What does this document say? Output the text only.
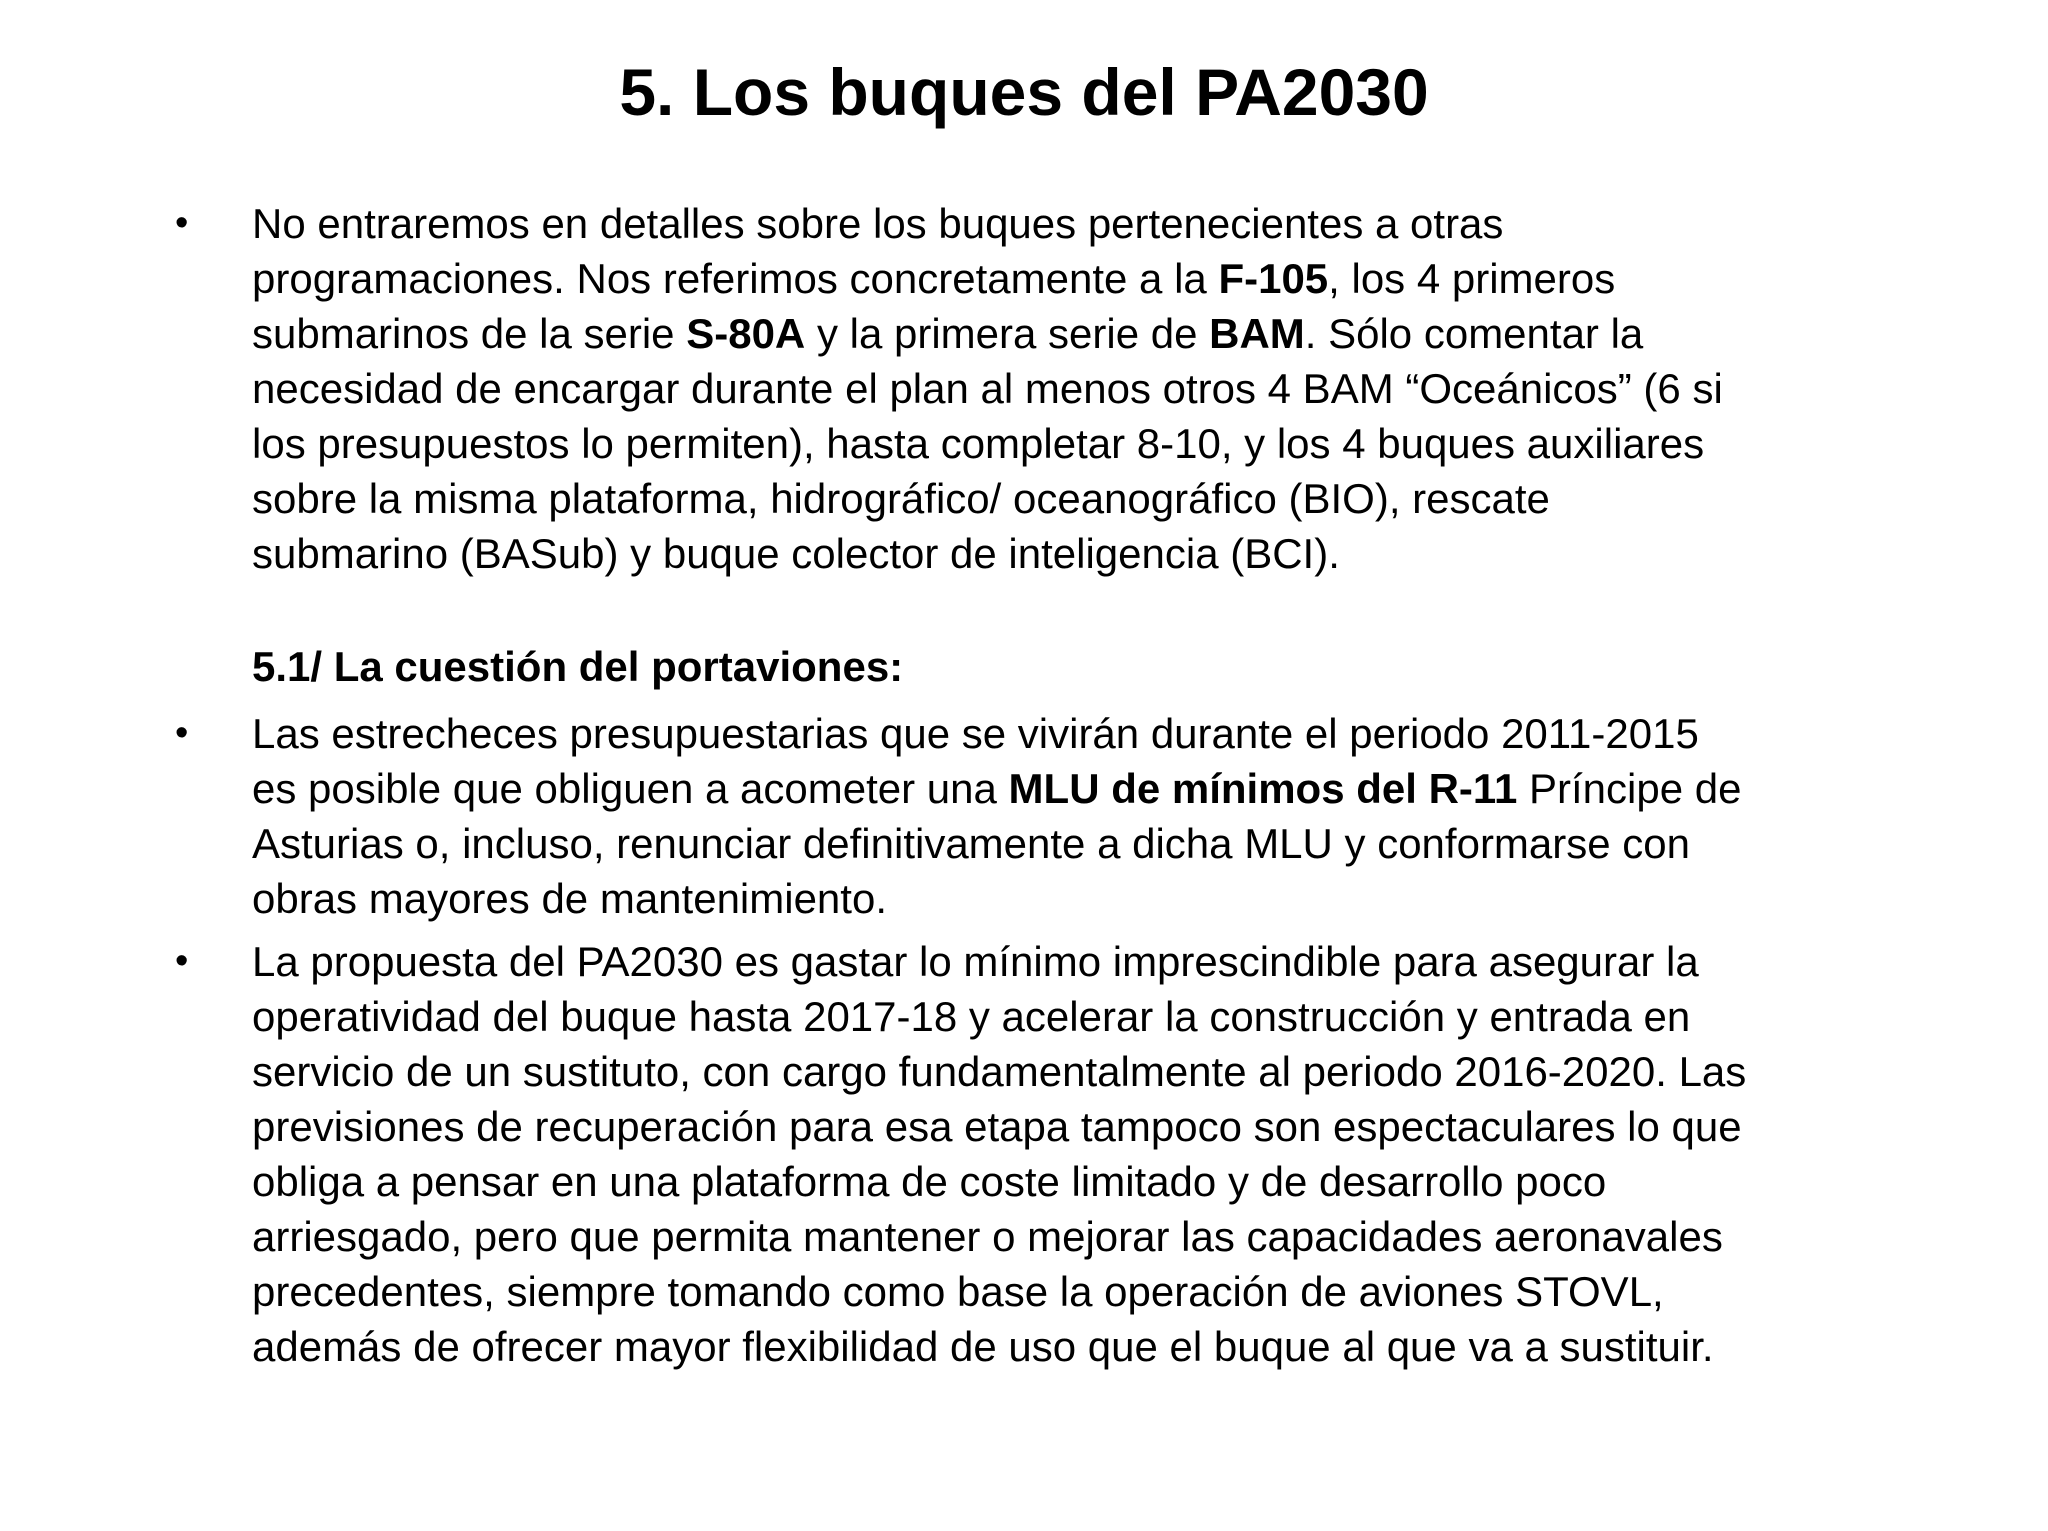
5. Los buques del PA2030
• No entraremos en detalles sobre los buques pertenecientes a otras
programaciones. Nos referimos concretamente a la F-105, los 4 primeros
submarinos de la serie S-80A y la primera serie de BAM. Sólo comentar la
necesidad de encargar durante el plan al menos otros 4 BAM “Oceánicos” (6 si
los presupuestos lo permiten), hasta completar 8-10, y los 4 buques auxiliares
sobre la misma plataforma, hidrográfico/ oceanográfico (BIO), rescate
submarino (BASub) y buque colector de inteligencia (BCI).

5.1/ La cuestión del portaviones:

• Las estrecheces presupuestarias que se vivirán durante el periodo 2011-2015
es posible que obliguen a acometer una MLU de mínimos del R-11 Príncipe de
Asturias o, incluso, renunciar definitivamente a dicha MLU y conformarse con
obras mayores de mantenimiento.
• La propuesta del PA2030 es gastar lo mínimo imprescindible para asegurar la
operatividad del buque hasta 2017-18 y acelerar la construcción y entrada en
servicio de un sustituto, con cargo fundamentalmente al periodo 2016-2020. Las
previsiones de recuperación para esa etapa tampoco son espectaculares lo que
obliga a pensar en una plataforma de coste limitado y de desarrollo poco
arriesgado, pero que permita mantener o mejorar las capacidades aeronavales
precedentes, siempre tomando como base la operación de aviones STOVL,
además de ofrecer mayor flexibilidad de uso que el buque al que va a sustituir.
